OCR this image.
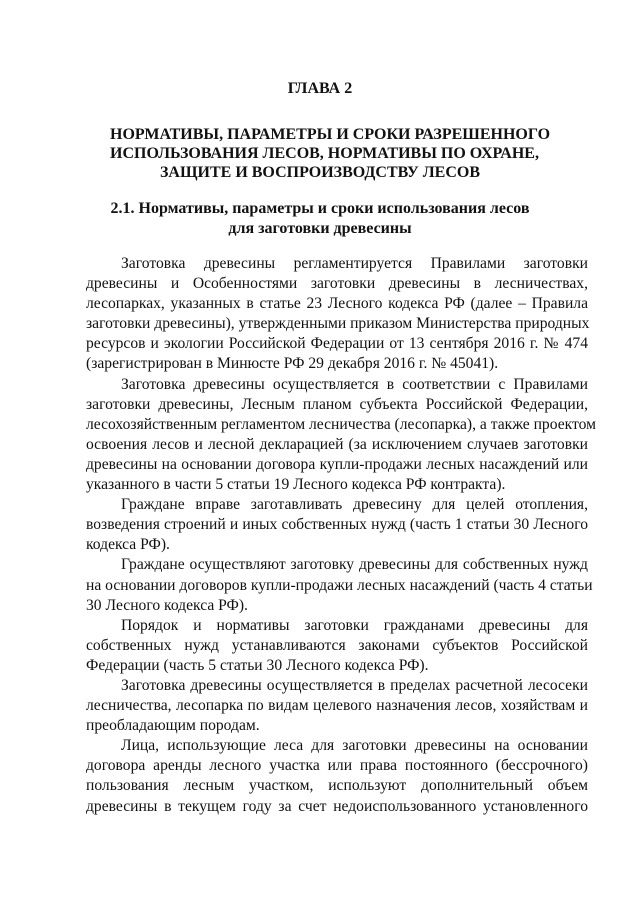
ГЛАВА 2
НОРМАТИВЫ, ПАРАМЕТРЫ И СРОКИ РАЗРЕШЕННОГО
ИСПОЛЬЗОВАНИЯ ЛЕСОВ, НОРМАТИВЫ ПО ОХРАНЕ,
ЗАЩИТЕ И ВОСПРОИЗВОДСТВУ ЛЕСОВ
2.1. Нормативы, параметры и сроки использования лесов
для заготовки древесины
Заготовка древесины регламентируется Правилами заготовки
древесины и Особенностями заготовки древесины в лесничествах,
лесопарках, указанных в статье 23 Лесного кодекса РФ (далее – Правила
заготовки древесины), утвержденными приказом Министерства природных
ресурсов и экологии Российской Федерации от 13 сентября 2016 г. № 474
(зарегистрирован в Минюсте РФ 29 декабря 2016 г. № 45041).
Заготовка древесины осуществляется в соответствии с Правилами
заготовки древесины, Лесным планом субъекта Российской Федерации,
лесохозяйственным регламентом лесничества (лесопарка), а также проектом
освоения лесов и лесной декларацией (за исключением случаев заготовки
древесины на основании договора купли-продажи лесных насаждений или
указанного в части 5 статьи 19 Лесного кодекса РФ контракта).
Граждане вправе заготавливать древесину для целей отопления,
возведения строений и иных собственных нужд (часть 1 статьи 30 Лесного
кодекса РФ).
Граждане осуществляют заготовку древесины для собственных нужд
на основании договоров купли-продажи лесных насаждений (часть 4 статьи
30 Лесного кодекса РФ).
Порядок и нормативы заготовки гражданами древесины для
собственных нужд устанавливаются законами субъектов Российской
Федерации (часть 5 статьи 30 Лесного кодекса РФ).
Заготовка древесины осуществляется в пределах расчетной лесосеки
лесничества, лесопарка по видам целевого назначения лесов, хозяйствам и
преобладающим породам.
Лица, использующие леса для заготовки древесины на основании
договора аренды лесного участка или права постоянного (бессрочного)
пользования лесным участком, используют дополнительный объем
древесины в текущем году за счет недоиспользованного установленного
